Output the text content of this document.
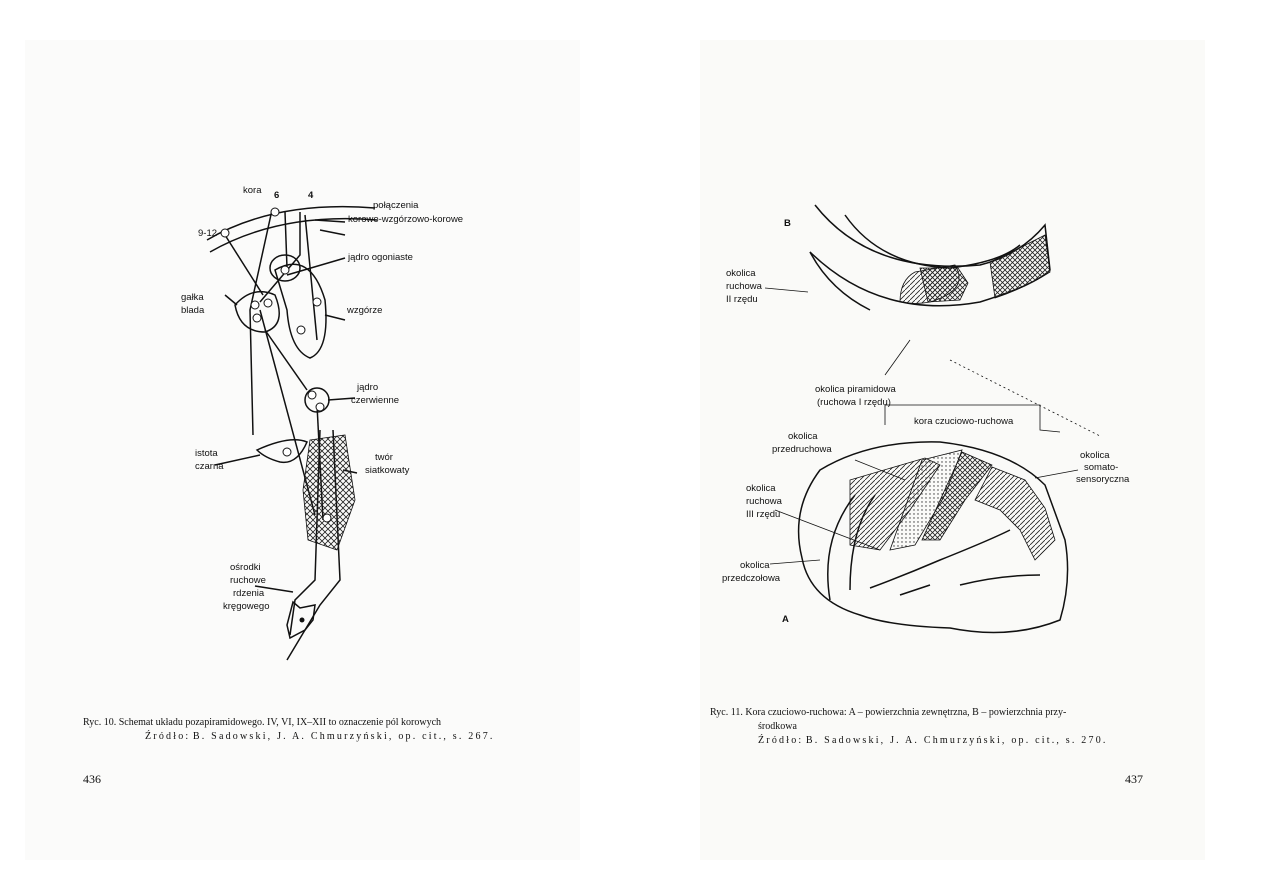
kora 6	4
połączenia
korowo-wzgórzowo-korowe
9-12
jądro ogoniaste
gałka
blada	wzgórze
jądro
czerwienne
istota
czarna
twór
siatkowaty
ośrodki
ruchowe
rdzenia
kręgowego
Ryc. 10. Schemat układu pozapiramidowego. IV, VI, IX–XII to oznaczenie pól korowych
Źródło: B. Sadowski, J. A. Chmurzyński, op. cit., s. 267.
436
B
A
okolica
ruchowa
II rzędu
okolica piramidowa
(ruchowa I rzędu)
kora czuciowo-ruchowa
okolica
przedruchowa
okolica
somato-
sensoryczna
okolica
ruchowa
III rzędu
okolica
przedczołowa
Ryc. 11. Kora czuciowo-ruchowa: A – powierzchnia zewnętrzna, B – powierzchnia przy-
środkowa
Źródło: B. Sadowski, J. A. Chmurzyński, op. cit., s. 270.
437
